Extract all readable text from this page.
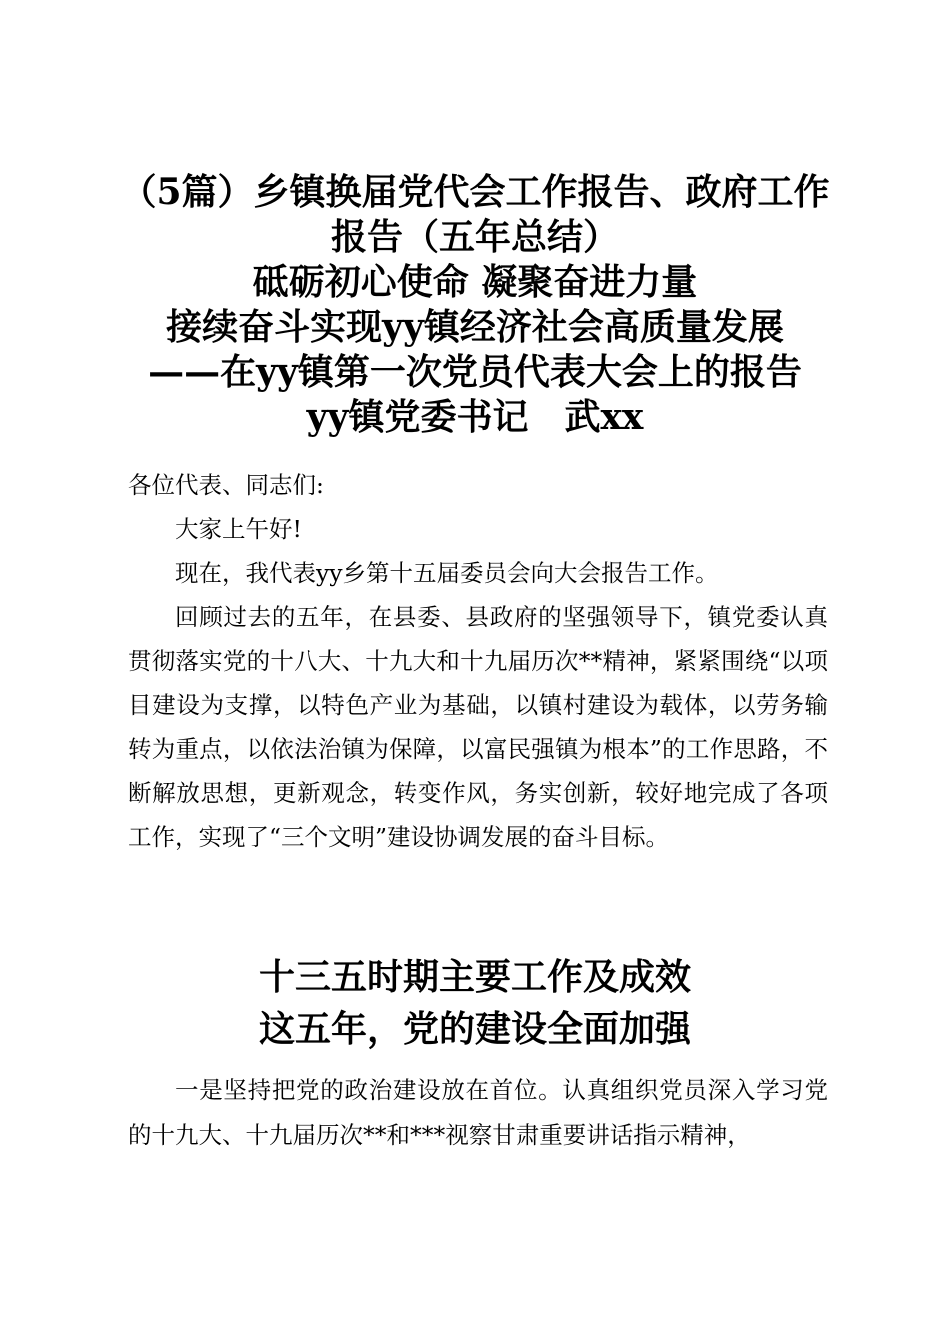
（5篇）乡镇换届党代会工作报告、政府工作
报告（五年总结）
砥砺初心使命 凝聚奋进力量
接续奋斗实现yy镇经济社会高质量发展
——在yy镇第一次党员代表大会上的报告
yy镇党委书记　武xx

各位代表、同志们:

大家上午好!

现在，我代表yy乡第十五届委员会向大会报告工作。

回顾过去的五年，在县委、县政府的坚强领导下，镇党委认真贯彻落实党的十八大、十九大和十九届历次**精神，紧紧围绕“以项目建设为支撑，以特色产业为基础，以镇村建设为载体，以劳务输转为重点，以依法治镇为保障，以富民强镇为根本”的工作思路，不断解放思想，更新观念，转变作风，务实创新，较好地完成了各项工作，实现了“三个文明”建设协调发展的奋斗目标。

十三五时期主要工作及成效
这五年，党的建设全面加强

一是坚持把党的政治建设放在首位。认真组织党员深入学习党的十九大、十九届历次**和***视察甘肃重要讲话指示精神，
